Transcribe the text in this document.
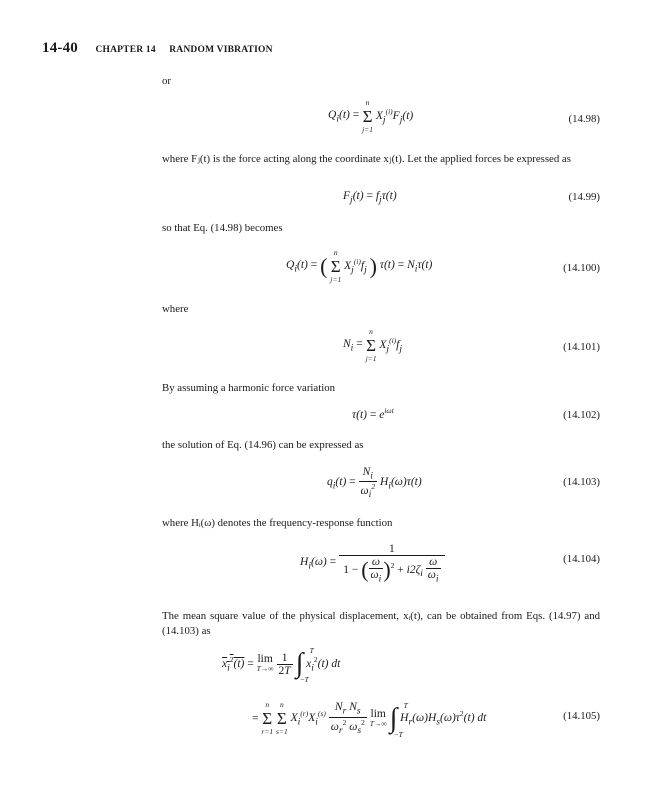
14-40 CHAPTER 14 RANDOM VIBRATION
or
$Q_i(t)$ =
n
Σ
j=1
$X_j^{(i)}F_j(t)$	(14.98)
where Fⱼ(t) is the force acting along the coordinate xⱼ(t). Let the applied forces be expressed as
$F_j(t) = f_j\tau(t)$	(14.99)
so that Eq. (14.98) becomes
$Q_i(t)$ = (
n
Σ
j=1
$X_j^{(i)}f_j$ ) $\tau(t) = N_i\tau(t)$	(14.100)
where
$N_i$ =
n
Σ
j=1
$X_j^{(i)}f_j$	(14.101)
By assuming a harmonic force variation
$\tau(t) = e^{i\omega t}$	(14.102)
the solution of Eq. (14.96) can be expressed as
$q_i(t) = \frac{N_i}{\omega_i^2} H_i(\omega)\tau(t)$	(14.103)
where Hᵢ(ω) denotes the frequency-response function
$H_i(\omega) = \frac{1}{1 - ( \frac{\omega}{\omega_i} )^2 + i2\zeta_i \frac{\omega}{\omega_i}}$	(14.104)
The mean square value of the physical displacement, xᵢ(t), can be obtained from Eqs. (14.97) and (14.103) as
$x_i^2(t) = \lim$
T→∞
$\frac{1}{2T}$

T
∫
−T
$x_i^2(t)$ dt
=
n
Σ
r=1

n
Σ
s=1
$X_i^{(r)}X_i^{(s)} \frac{N_r N_s}{\omega_r^2 \omega_s^2}$
lim
T→∞

T
∫
−T
$H_r(\omega)H_s(\omega)\tau^2(t)$ dt	(14.105)
